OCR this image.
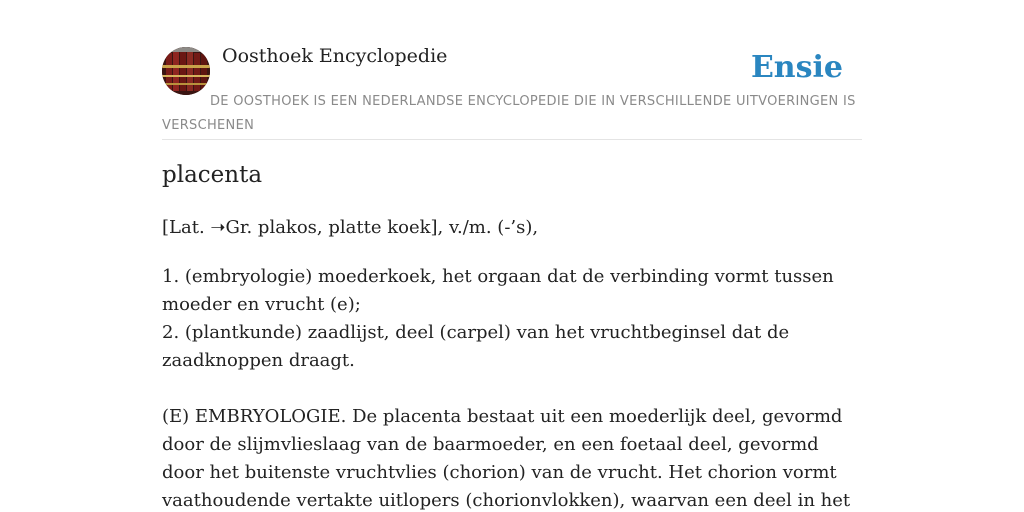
Oosthoek Encyclopedie	Ensie
DE OOSTHOEK IS EEN NEDERLANDSE ENCYCLOPEDIE DIE IN VERSCHILLENDE UITVOERINGEN IS VERSCHENEN
placenta
[Lat. ➝Gr. plakos, platte koek], v./m. (-’s),

1. (embryologie) moederkoek, het orgaan dat de verbinding vormt tussen moeder en vrucht (e);

2. (plantkunde) zaadlijst, deel (carpel) van het vruchtbeginsel dat de zaadknoppen draagt.

(E) EMBRYOLOGIE. De placenta bestaat uit een moederlijk deel, gevormd door de slijmvlieslaag van de baarmoeder, en een foetaal deel, gevormd door het buitenste vruchtvlies (chorion) van de vrucht. Het chorion vormt vaathoudende vertakte uitlopers (chorionvlokken), waarvan een deel in het
